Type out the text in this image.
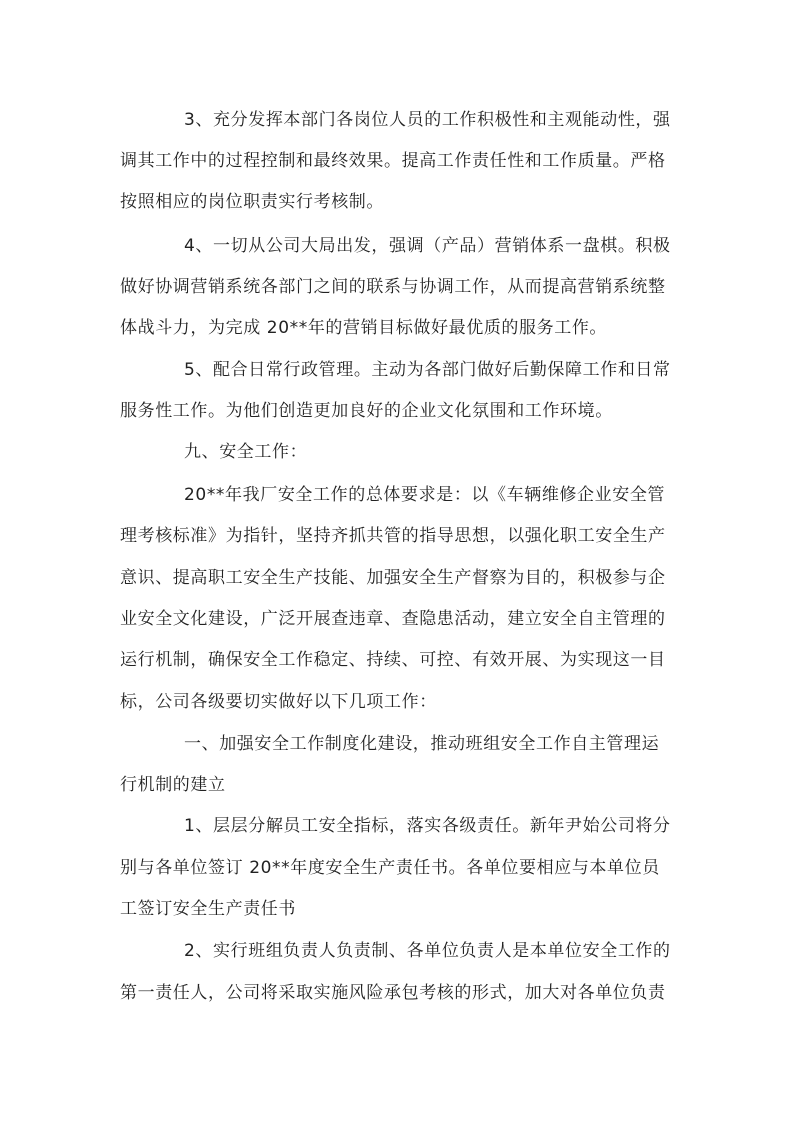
3、充分发挥本部门各岗位人员的工作积极性和主观能动性，强
调其工作中的过程控制和最终效果。提高工作责任性和工作质量。严格
按照相应的岗位职责实行考核制。
4、一切从公司大局出发，强调（产品）营销体系一盘棋。积极
做好协调营销系统各部门之间的联系与协调工作，从而提高营销系统整
体战斗力，为完成 20**年的营销目标做好最优质的服务工作。
5、配合日常行政管理。主动为各部门做好后勤保障工作和日常
服务性工作。为他们创造更加良好的企业文化氛围和工作环境。
九、安全工作：
20**年我厂安全工作的总体要求是：以《车辆维修企业安全管
理考核标准》为指针，坚持齐抓共管的指导思想，以强化职工安全生产
意识、提高职工安全生产技能、加强安全生产督察为目的，积极参与企
业安全文化建设，广泛开展查违章、查隐患活动，建立安全自主管理的
运行机制，确保安全工作稳定、持续、可控、有效开展、为实现这一目
标，公司各级要切实做好以下几项工作：
一、加强安全工作制度化建设，推动班组安全工作自主管理运
行机制的建立
1、层层分解员工安全指标，落实各级责任。新年尹始公司将分
别与各单位签订 20**年度安全生产责任书。各单位要相应与本单位员
工签订安全生产责任书
2、实行班组负责人负责制、各单位负责人是本单位安全工作的
第一责任人，公司将采取实施风险承包考核的形式，加大对各单位负责
